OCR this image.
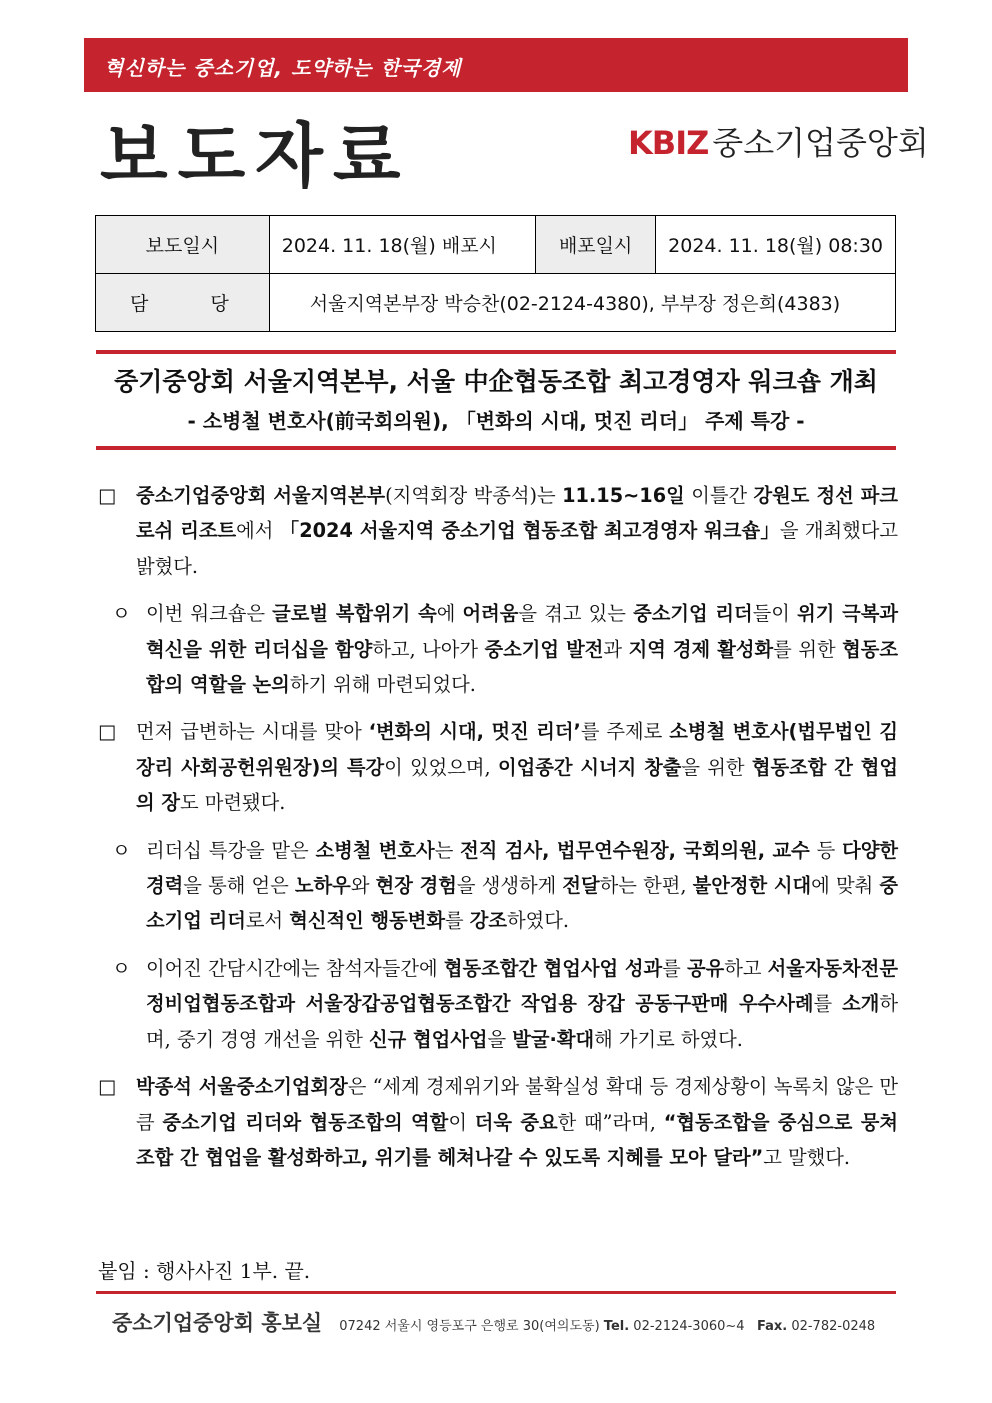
혁신하는 중소기업, 도약하는 한국경제
보도자료	KBIZ 중소기업중앙회
보도일시	2024. 11. 18(월) 배포시	배포일시	2024. 11. 18(월) 08:30
담 당	서울지역본부장 박승찬(02-2124-4380), 부부장 정은희(4383)		
중기중앙회 서울지역본부, 서울 中企협동조합 최고경영자 워크숍 개최
- 소병철 변호사(前국회의원), 「변화의 시대, 멋진 리더」 주제 특강 -
□ 중소기업중앙회 서울지역본부(지역회장 박종석)는 11.15~16일 이틀간 강원도 정선 파크로쉬 리조트에서 「2024 서울지역 중소기업 협동조합 최고경영자 워크숍」을 개최했다고 밝혔다.
ㅇ 이번 워크숍은 글로벌 복합위기 속에 어려움을 겪고 있는 중소기업 리더들이 위기 극복과 혁신을 위한 리더십을 함양하고, 나아가 중소기업 발전과 지역 경제 활성화를 위한 협동조합의 역할을 논의하기 위해 마련되었다.
□ 먼저 급변하는 시대를 맞아 ‘변화의 시대, 멋진 리더’를 주제로 소병철 변호사(법무법인 김장리 사회공헌위원장)의 특강이 있었으며, 이업종간 시너지 창출을 위한 협동조합 간 협업의 장도 마련됐다.
ㅇ 리더십 특강을 맡은 소병철 변호사는 전직 검사, 법무연수원장, 국회의원, 교수 등 다양한 경력을 통해 얻은 노하우와 현장 경험을 생생하게 전달하는 한편, 불안정한 시대에 맞춰 중소기업 리더로서 혁신적인 행동변화를 강조하였다.
ㅇ 이어진 간담시간에는 참석자들간에 협동조합간 협업사업 성과를 공유하고 서울자동차전문정비업협동조합과 서울장갑공업협동조합간 작업용 장갑 공동구판매 우수사례를 소개하며, 중기 경영 개선을 위한 신규 협업사업을 발굴·확대해 가기로 하였다.
□ 박종석 서울중소기업회장은 “세계 경제위기와 불확실성 확대 등 경제상황이 녹록치 않은 만큼 중소기업 리더와 협동조합의 역할이 더욱 중요한 때”라며, “협동조합을 중심으로 뭉쳐 조합 간 협업을 활성화하고, 위기를 헤쳐나갈 수 있도록 지혜를 모아 달라”고 말했다.
붙임 : 행사사진 1부. 끝.
중소기업중앙회 홍보실 07242 서울시 영등포구 은행로 30(여의도동) Tel. 02-2124-3060~4 Fax. 02-782-0248
